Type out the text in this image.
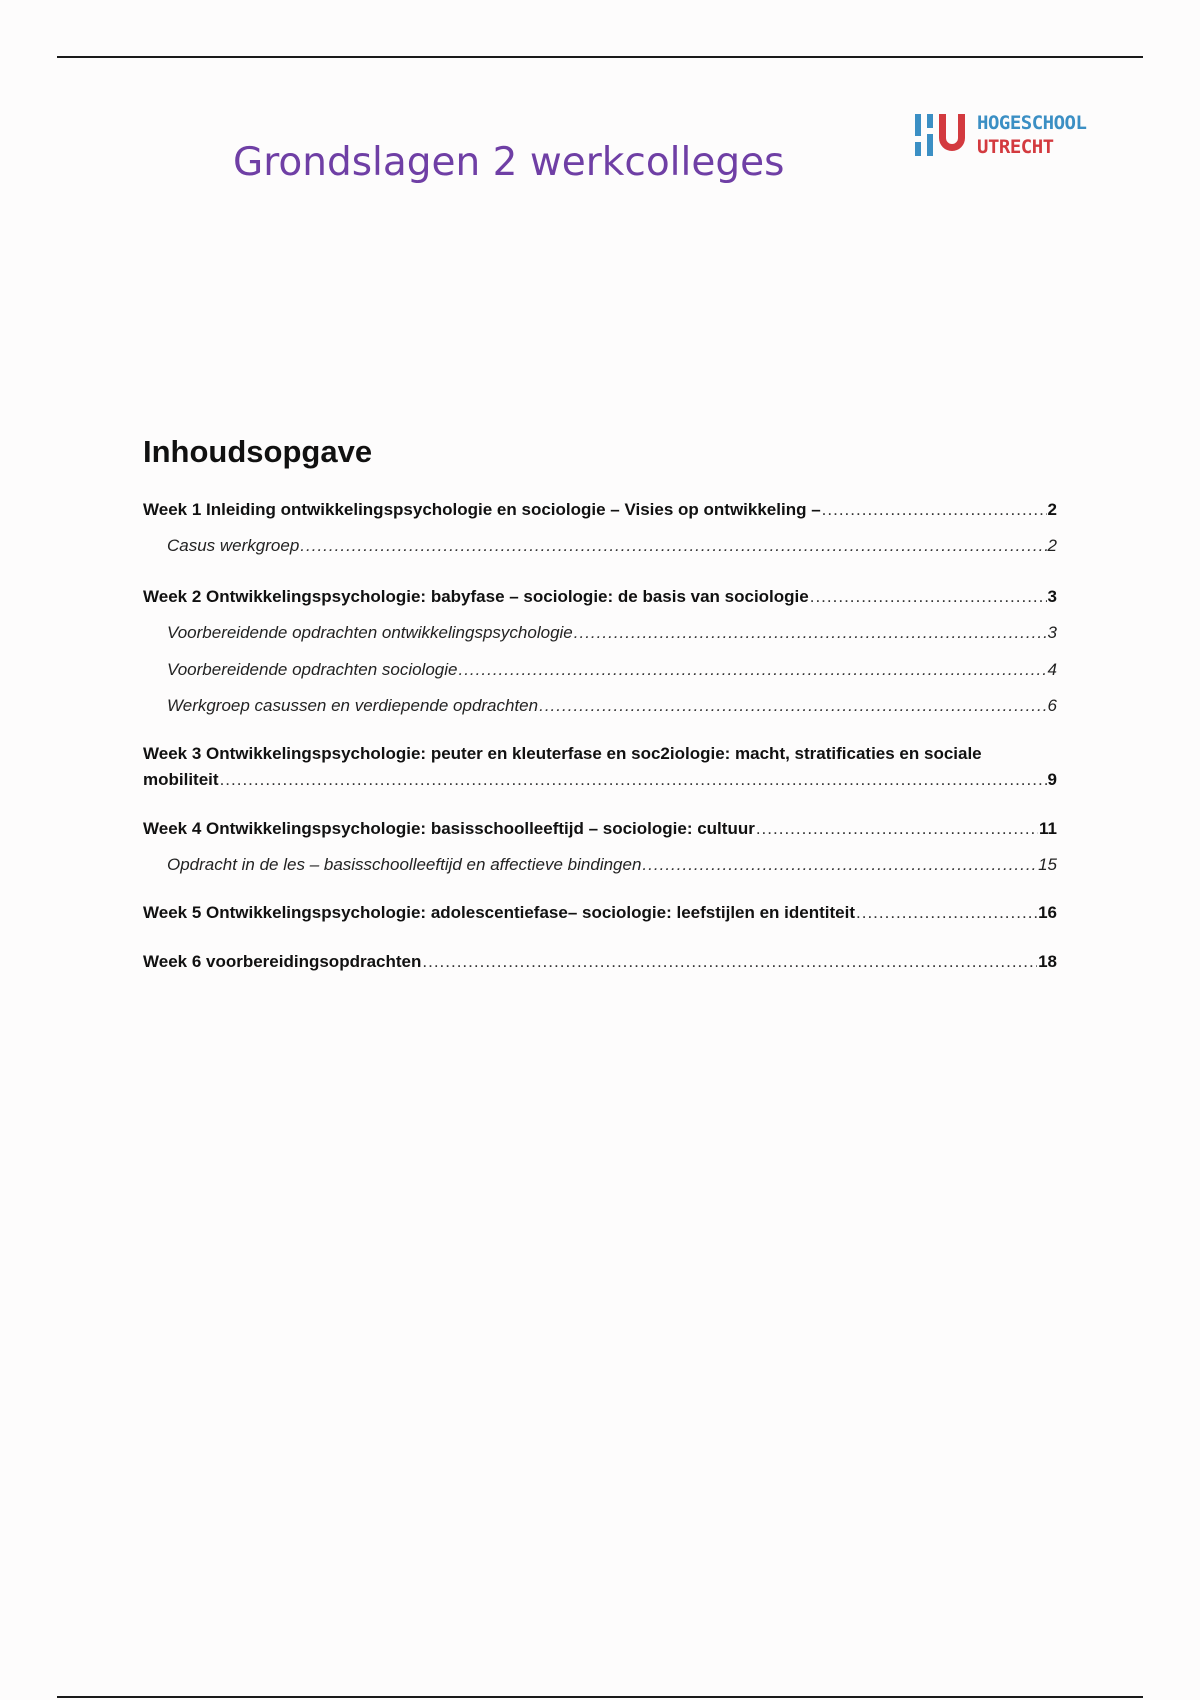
Grondslagen 2 werkcolleges
HOGESCHOOL
UTRECHT
Inhoudsopgave
Week 1 Inleiding ontwikkelingspsychologie en sociologie – Visies op ontwikkeling – .....	2
Casus werkgroep .....	2
Week 2 Ontwikkelingspsychologie: babyfase – sociologie: de basis van sociologie .....	3
Voorbereidende opdrachten ontwikkelingspsychologie .....	3
Voorbereidende opdrachten sociologie .....	4
Werkgroep casussen en verdiepende opdrachten .....	6
Week 3 Ontwikkelingspsychologie: peuter en kleuterfase en soc2iologie: macht, stratificaties en sociale
mobiliteit .....	9
Week 4 Ontwikkelingspsychologie: basisschoolleeftijd – sociologie: cultuur .....	11
Opdracht in de les – basisschoolleeftijd en affectieve bindingen .....	15
Week 5 Ontwikkelingspsychologie: adolescentiefase– sociologie: leefstijlen en identiteit .....	16
Week 6 voorbereidingsopdrachten .....	18
